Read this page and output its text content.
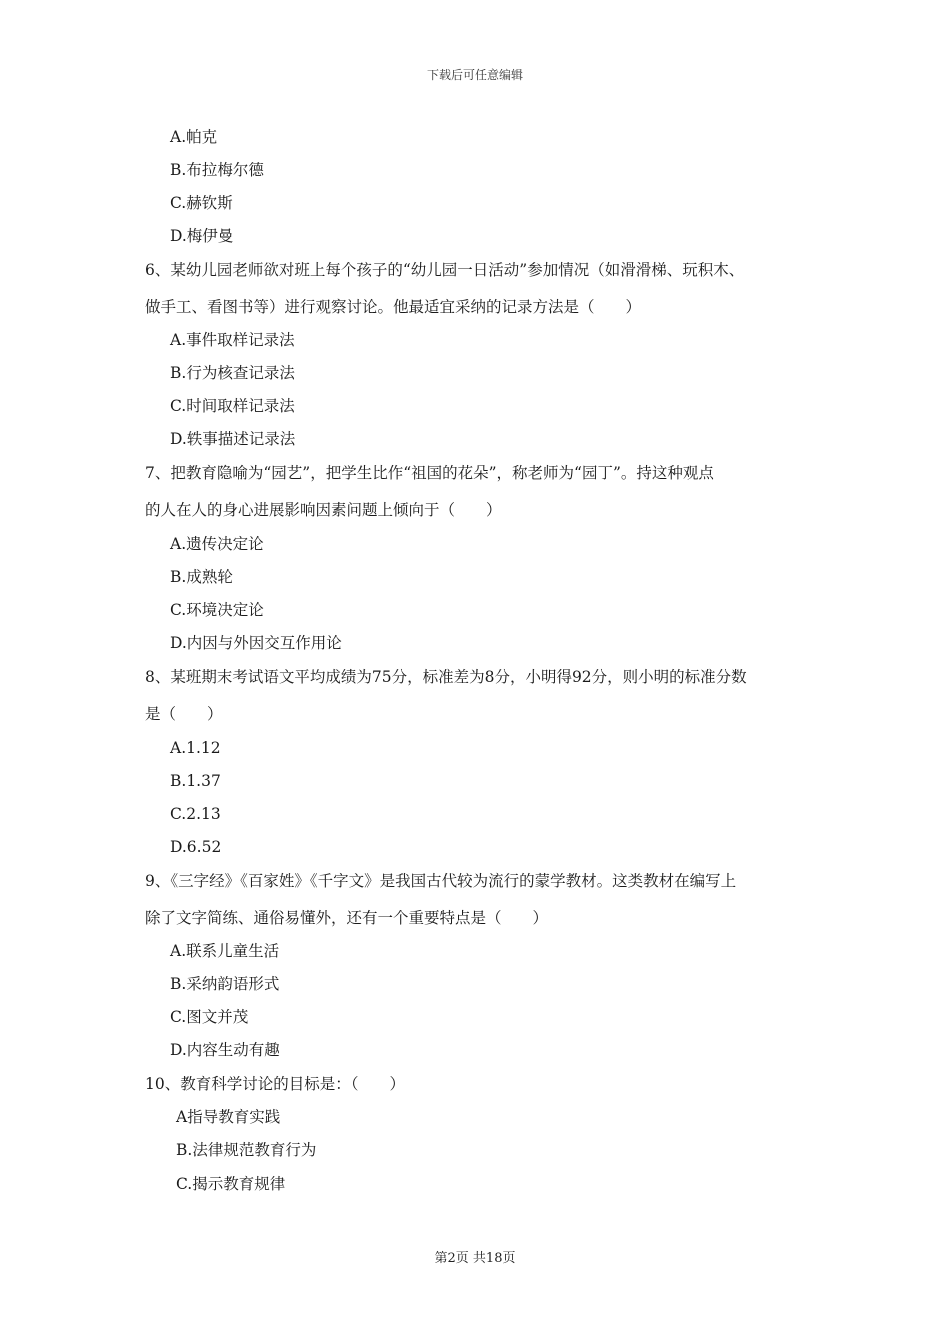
下载后可任意编辑
A.帕克
B.布拉梅尔德
C.赫钦斯
D.梅伊曼
6、某幼儿园老师欲对班上每个孩子的“幼儿园一日活动”参加情况（如滑滑梯、玩积木、
做手工、看图书等）进行观察讨论。他最适宜采纳的记录方法是（　　）
A.事件取样记录法
B.行为核查记录法
C.时间取样记录法
D.轶事描述记录法
7、把教育隐喻为“园艺”，把学生比作“祖国的花朵”，称老师为“园丁”。持这种观点
的人在人的身心进展影响因素问题上倾向于（　　）
A.遗传决定论
B.成熟轮
C.环境决定论
D.内因与外因交互作用论
8、某班期末考试语文平均成绩为75分，标准差为8分，小明得92分，则小明的标准分数
是（　　）
A.1.12
B.1.37
C.2.13
D.6.52
9、《三字经》《百家姓》《千字文》是我国古代较为流行的蒙学教材。这类教材在编写上
除了文字简练、通俗易懂外，还有一个重要特点是（　　）
A.联系儿童生活
B.采纳韵语形式
C.图文并茂
D.内容生动有趣
10、教育科学讨论的目标是：（　　）
A指导教育实践
B.法律规范教育行为
C.揭示教育规律
第2页 共18页
